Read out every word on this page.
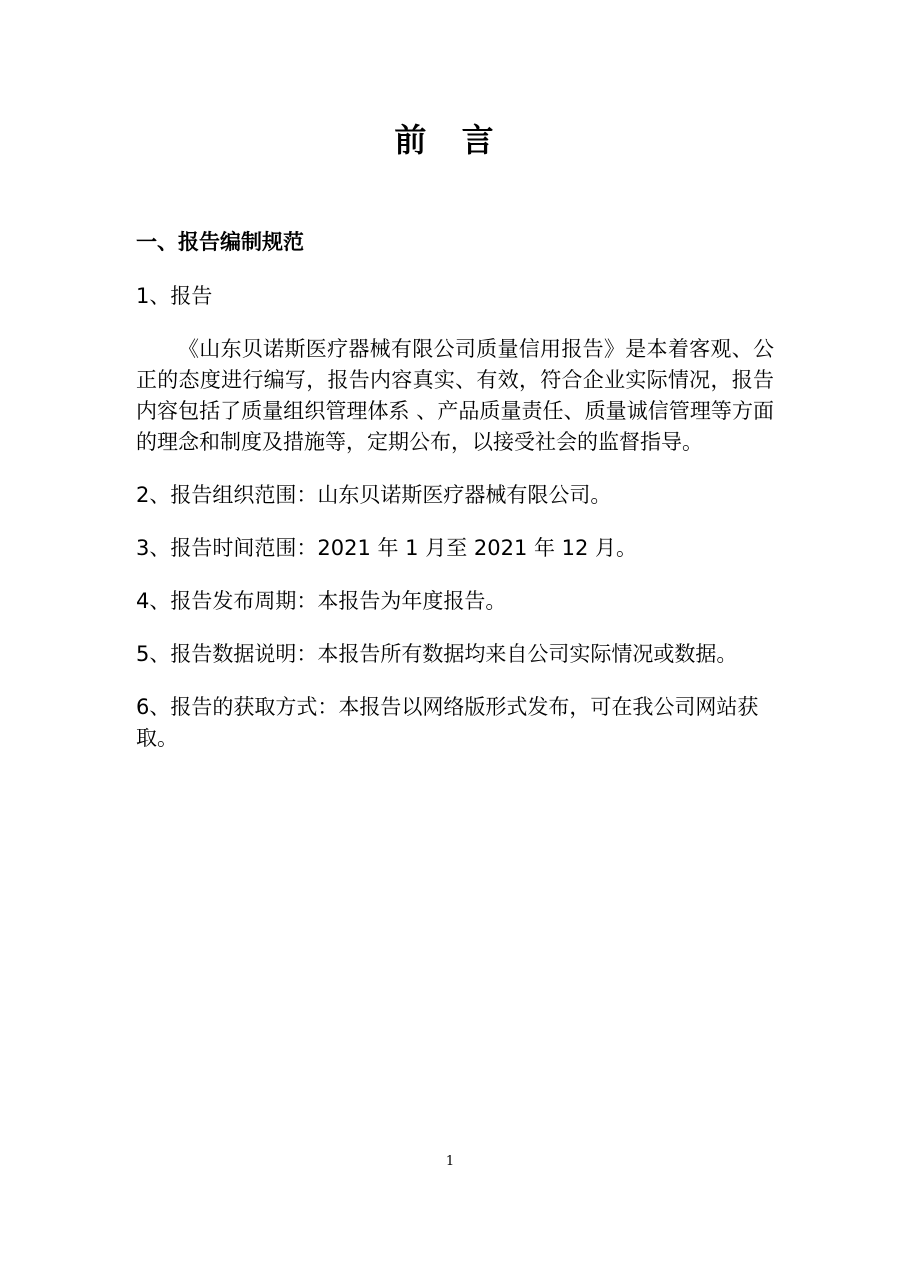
前 言
一、报告编制规范
1、报告
《山东贝诺斯医疗器械有限公司质量信用报告》是本着客观、公正的态度进行编写，报告内容真实、有效，符合企业实际情况，报告内容包括了质量组织管理体系 、产品质量责任、质量诚信管理等方面的理念和制度及措施等，定期公布，以接受社会的监督指导。
2、报告组织范围：山东贝诺斯医疗器械有限公司。
3、报告时间范围：2021 年 1 月至 2021 年 12 月。
4、报告发布周期：本报告为年度报告。
5、报告数据说明：本报告所有数据均来自公司实际情况或数据。
6、报告的获取方式：本报告以网络版形式发布，可在我公司网站获取。
1
